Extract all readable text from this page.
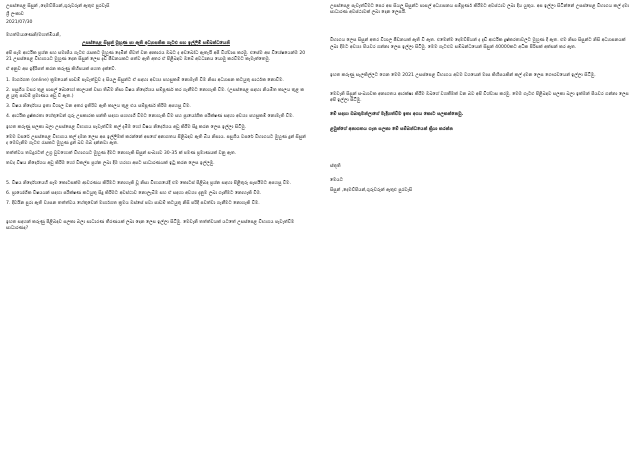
උසස්පෙළ සිසුන් ,දෙමව්පියන්,ගුරුවරුන් ඇතුළු පුරවැසි

ශ්‍රී ලංකාව

2021/07/30

මහත්මයාණෙනි/මහත්මියනි,

උසස්පෙළ සිසුන් මුහුණ පා ඇති අධ්‍යාපනික ගැටළු සහ ඉල්ලීම් සම්බන්ධයෙනි

අපි සැම ආර්ථික ප්‍රශ්න සහ සමාජීය ගැටළු රැසකට මුහුණ දෙමින් ජීවත් වන ආකාරය ඔබට ද අවබෝධ ඇතැයි අපි විශ්වාස කරමු. එසේම අප විශේෂයෙන්ම 2021 උසස්පෙළ විභාගයට මුහුණ දෙන සිසුන් ලෙස දැඩි පීඩනයකට පත්ව ඇති අතර ඒ පිළිබඳව ඔබේ අවධානය යොමු කරවීමට කැමැත්තෙමු.

ඒ අනුව අප ඉදිරිපත් කරන කරුණු කිහිපයක් පහත දැක්වේ.

1. මාර්ගගත (online) ක්‍රමයෙන් පාඩම් පැවැත්වුව ද සියලු සිසුන්ට ඒ සඳහා අවශ්‍ය පහසුකම් නොමැති වීම නිසා අධ්‍යාපන කටයුතු සාර්ථක නොවීම.

2. පසුගිය වසර තුළ පාසල් බොහෝ කාලයක් වසා තිබීම නිසා විෂය නිර්දේශය සම්පූර්ණ කර ගැනීමට නොහැකි වීම. (උසස්පෙළ සඳහා නියමිත කාලය තුළ කළ යුතු පාඩම් ප්‍රමාණය අඩු වී ඇත.)

3. විෂය නිර්දේශය ඉතා විශාල වන අතර ඉතිරිව ඇති කාලය තුළ එය සම්පූර්ණ කිරීම අපහසු වීම.

4. ආර්ථික දුෂ්කරතා හේතුවෙන් ගුරු උපකාරක පන්ති සඳහා සහභාගී වීමට නොහැකි වීම සහ ප්‍රායෝගික පරීක්ෂණ සඳහා අවශ්‍ය පහසුකම් නොමැති වීම.

ඉහත කරුණු සලකා බලා උසස්පෙළ විභාගය පැවැත්වීම කල් දැමීම හෝ විෂය නිර්දේශය අඩු කිරීම සිදු කරන ලෙස ඉල්ලා සිටිමු.

මෙම වසරේ උසස්පෙළ විභාගය කල් දමන ලෙස අප ඉල්ලීමක් කරන්නේ අපගේ අනාගතය පිළිබඳව ඇති බිය නිසාය. පසුගිය වසරේ විභාගයට මුහුණ දුන් සිසුන් ද මෙවැනිම ගැටළු රැසකට මුහුණ දුන් බව ඔබ දන්නවා ඇත.

තත්ත්වය තවදුරටත් උග්‍ර වුවහොත් විභාගයට මුහුණ දීමට නොහැකි සිසුන් සංඛ්‍යාව 30-35 ක් පමණ ප්‍රමාණයක් වනු ඇත.

තවද විෂය නිර්දේශය අඩු කිරීම හෝ විකල්ප ප්‍රශ්න ලබා දීම හරහා අපට සාධාරණයක් ඉටු කරන ලෙස ඉල්ලමු.

5. විෂය නිර්දේශයෙහි සෑම කොටසක්ම ආවරණය කිරීමට නොහැකි වූ නිසා විභාගයේදී එම කොටස් පිළිබඳ ප්‍රශ්න සඳහා පිළිතුරු සැපයීමට අපහසු වීම.

6. ප්‍රායෝගික විෂයයන් සඳහා පරීක්ෂණ කටයුතු සිදු කිරීමට අවස්ථාව නොලැබීම සහ ඒ සඳහා අවශ්‍ය දැනුම ලබා ගැනීමට නොහැකි වීම.

7. දිවයින පුරා ඇති ව්‍යසන තත්ත්වය හේතුවෙන් මාර්ගගත ක්‍රමය ඔස්සේ පවා පාඩම් කටයුතු නිසි පරිදි පවත්වා ගැනීමට නොහැකි වීම.

ඉහත සඳහන් කරුණු පිළිබඳව සලකා බලා සාධාරණ තීරණයක් ලබා දෙන ලෙස ඉල්ලා සිටිමු. මෙවැනි තත්ත්වයක් යටතේ උසස්පෙළ විභාගය පැවැත්වීම සාධාරණද?

උසස්පෙළ පැවැත්වීමට පෙර අප සියලු සිසුන්ට පාසල් අධ්‍යාපනය සම්පූර්ණ කිරීමට අවස්ථාව ලබා දිය යුතුය. අප ඉල්ලා සිටින්නේ උසස්පෙළ විභාගය කල් දමා සාධාරණ අවස්ථාවක් ලබා දෙන ලෙසයි.

විභාගය ලෙස සිසුන් අතර විශාල පීඩනයක් ඇති වී ඇත. එමෙන්ම දෙමව්පියන් ද දැඩි ආර්ථික දුෂ්කරතාවලට මුහුණ දී ඇත. එම නිසා සිසුන්ට නිසි අධ්‍යාපනයක් ලබා දීමට අවශ්‍ය පියවර ගන්නා ලෙස ඉල්ලා සිටිමු. මෙම ගැටළුව සම්බන්ධයෙන් සිසුන් 40000කට අධික පිරිසක් අත්සන් කර ඇත.

ඉහත කරුණු සැලකිල්ලට ගෙන මෙම 2021 උසස්පෙළ විභාගය අවම වශයෙන් මාස කිහිපයකින් කල් දමන ලෙස ගෞරවයෙන් ඉල්ලා සිටිමු.

මෙවැනි සිසුන් සංඛ්‍යාවක අනාගතය ආරක්ෂා කිරීම ඔබගේ වගකීමක් වන බව අපි විශ්වාස කරමු. මෙම ගැටළු පිළිබඳව සලකා බලා ඉක්මන් පියවර ගන්නා ලෙස අපි ඉල්ලා සිටිමු.

මේ සඳහා ඔබතුමන්ලාගේ මැදිහත්වීම ඉතා අගය කොට සලකන්නෙමු.

ළමුන්ගේ අනාගතය ගැන සලකා මේ සම්බන්ධයෙන් ක්‍රියා කරන්න

ස්තූති

මෙයට

සිසුන් ,දෙමව්පියන්,ගුරුවරුන් ඇතුළු පුරවැසි
